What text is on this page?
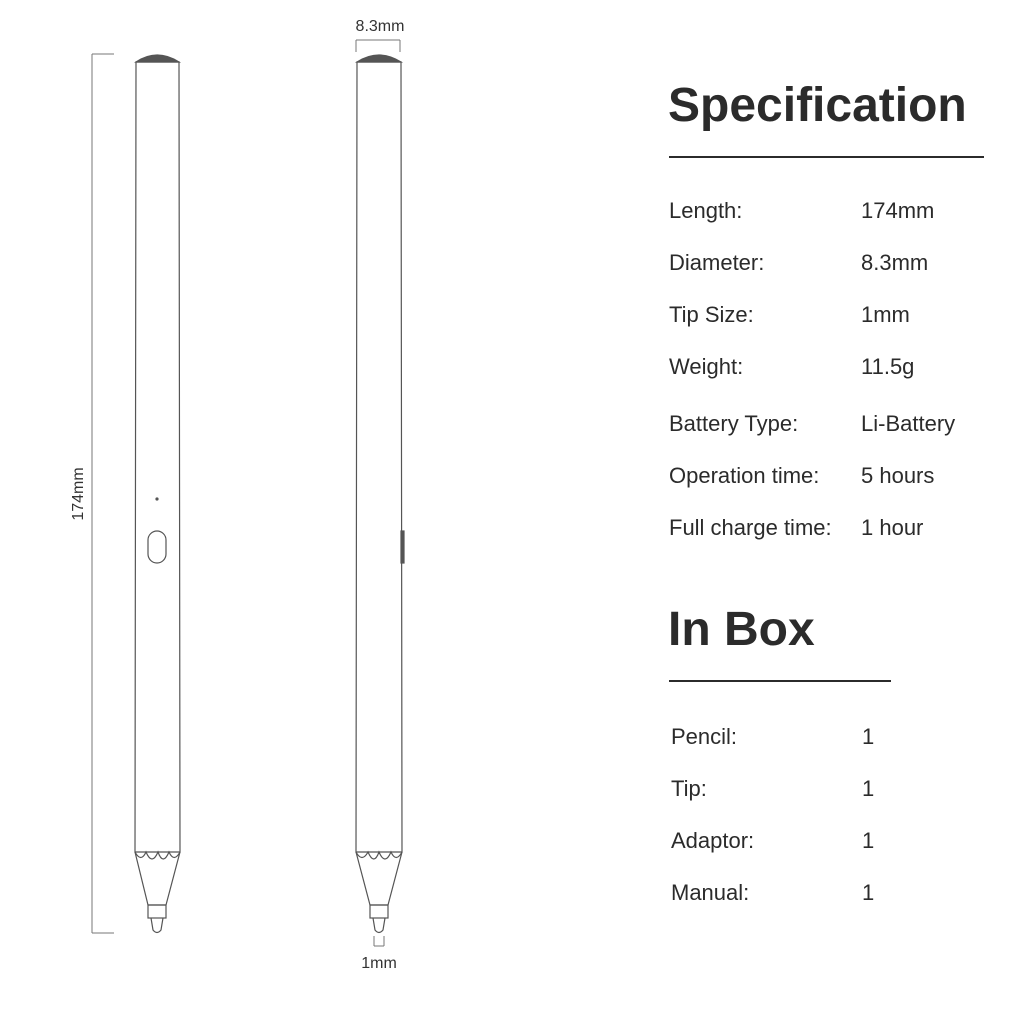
174mm
8.3mm
1mm
Specification
Length:	174mm
Diameter:	8.3mm
Tip Size:	1mm
Weight:	11.5g
Battery Type:	Li-Battery
Operation time: 5 hours
Full charge time: 1 hour
In Box
Pencil:	1
Tip:	1
Adaptor:	1
Manual:	1
